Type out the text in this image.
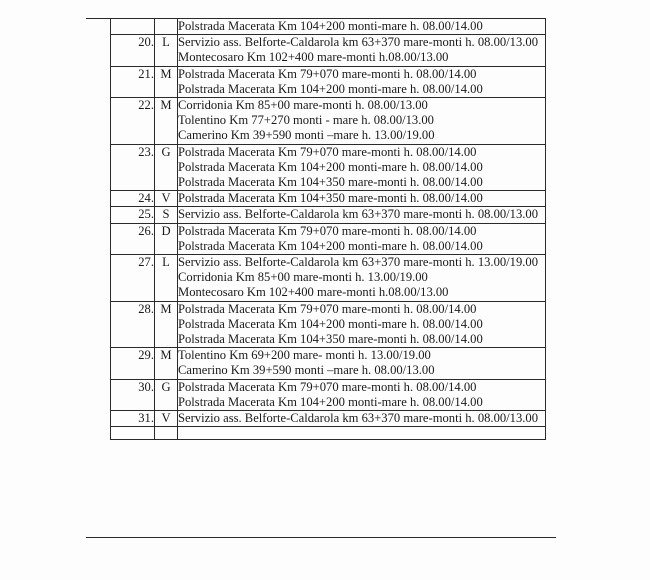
		Polstrada Macerata Km 104+200 monti-mare h. 08.00/14.00

20.	L	Servizio ass. Belforte-Caldarola km 63+370 mare-monti h. 08.00/13.00
Montecosaro Km 102+400 mare-monti h.08.00/13.00

21.	M	Polstrada Macerata Km 79+070 mare-monti h. 08.00/14.00
Polstrada Macerata Km 104+200 monti-mare h. 08.00/14.00

22.	M	Corridonia Km 85+00 mare-monti h. 08.00/13.00
Tolentino Km 77+270 monti - mare h. 08.00/13.00
Camerino Km 39+590 monti –mare h. 13.00/19.00

23.	G	Polstrada Macerata Km 79+070 mare-monti h. 08.00/14.00
Polstrada Macerata Km 104+200 monti-mare h. 08.00/14.00
Polstrada Macerata Km 104+350 mare-monti h. 08.00/14.00

24.	V	Polstrada Macerata Km 104+350 mare-monti h. 08.00/14.00

25.	S	Servizio ass. Belforte-Caldarola km 63+370 mare-monti h. 08.00/13.00

26.	D	Polstrada Macerata Km 79+070 mare-monti h. 08.00/14.00
Polstrada Macerata Km 104+200 monti-mare h. 08.00/14.00

27.	L	Servizio ass. Belforte-Caldarola km 63+370 mare-monti h. 13.00/19.00
Corridonia Km 85+00 mare-monti h. 13.00/19.00
Montecosaro Km 102+400 mare-monti h.08.00/13.00

28.	M	Polstrada Macerata Km 79+070 mare-monti h. 08.00/14.00
Polstrada Macerata Km 104+200 monti-mare h. 08.00/14.00
Polstrada Macerata Km 104+350 mare-monti h. 08.00/14.00

29.	M	Tolentino Km 69+200 mare- monti h. 13.00/19.00
Camerino Km 39+590 monti –mare h. 08.00/13.00

30.	G	Polstrada Macerata Km 79+070 mare-monti h. 08.00/14.00
Polstrada Macerata Km 104+200 monti-mare h. 08.00/14.00

31.	V	Servizio ass. Belforte-Caldarola km 63+370 mare-monti h. 08.00/13.00
